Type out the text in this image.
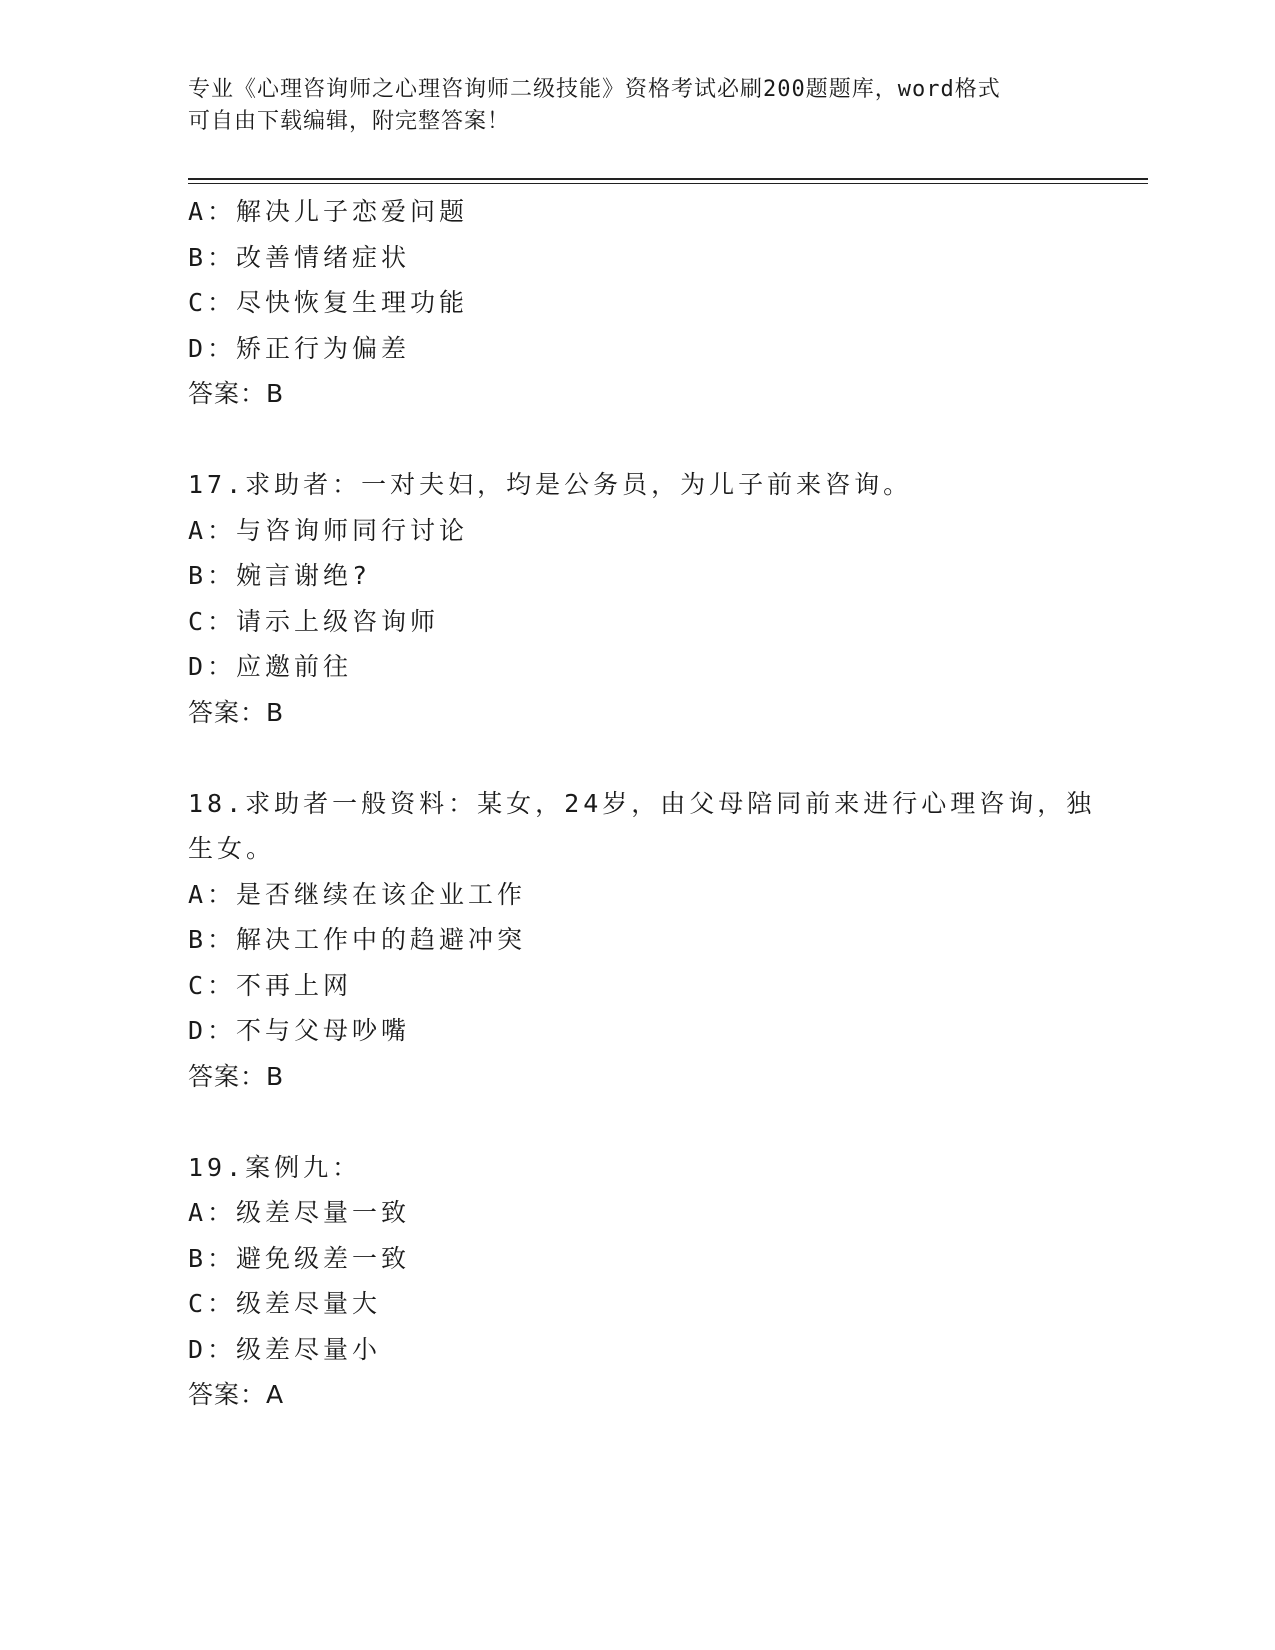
专业《心理咨询师之心理咨询师二级技能》资格考试必刷200题题库，word格式
可自由下载编辑，附完整答案！
A：解决儿子恋爱问题
B：改善情绪症状
C：尽快恢复生理功能
D：矫正行为偏差
答案：B
17.求助者：一对夫妇，均是公务员，为儿子前来咨询。
A：与咨询师同行讨论
B：婉言谢绝?
C：请示上级咨询师
D：应邀前往
答案：B
18.求助者一般资料：某女，24岁，由父母陪同前来进行心理咨询，独
生女。
A：是否继续在该企业工作
B：解决工作中的趋避冲突
C：不再上网
D：不与父母吵嘴
答案：B
19.案例九：
A：级差尽量一致
B：避免级差一致
C：级差尽量大
D：级差尽量小
答案：A
